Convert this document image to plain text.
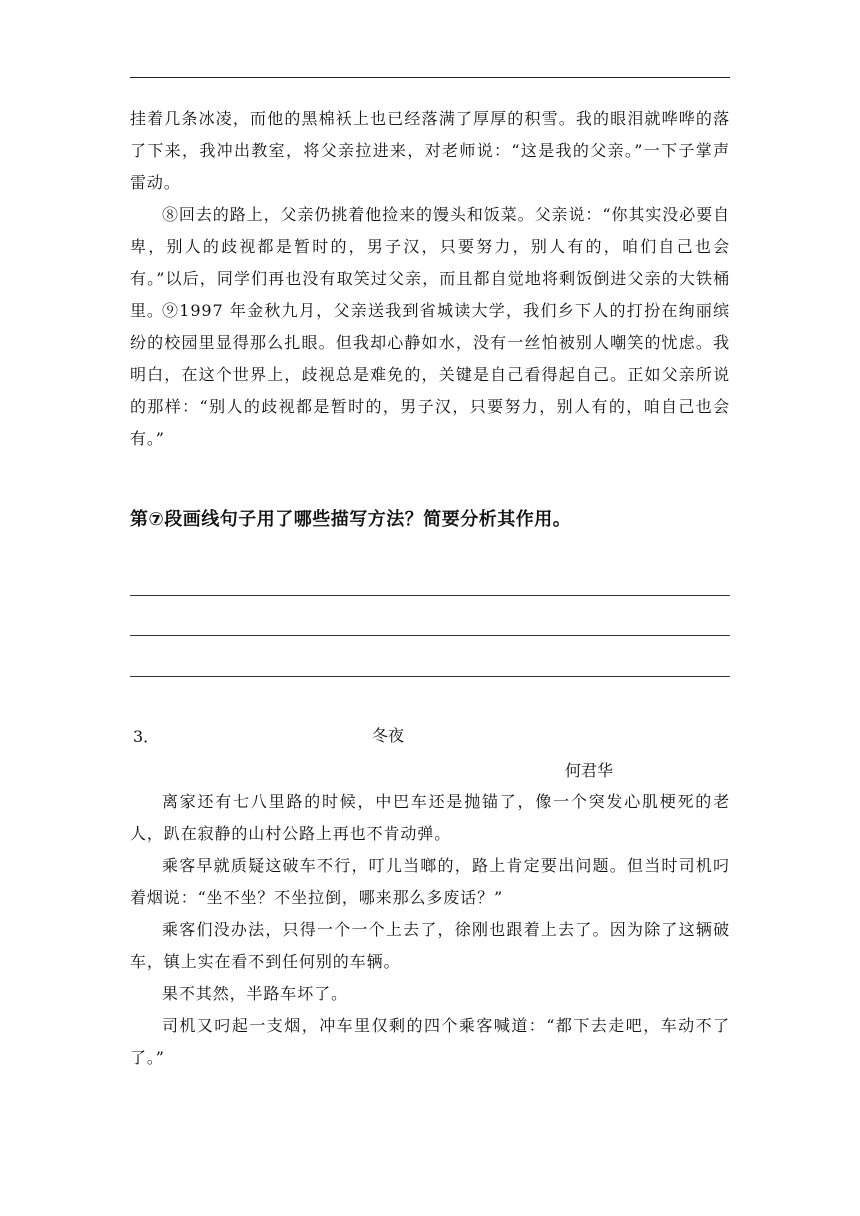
挂着几条冰凌，而他的黑棉袄上也已经落满了厚厚的积雪。我的眼泪就哗哗的落了下来，我冲出教室，将父亲拉进来，对老师说：“这是我的父亲。”一下子掌声雷动。

⑧回去的路上，父亲仍挑着他捡来的馒头和饭菜。父亲说：“你其实没必要自卑，别人的歧视都是暂时的，男子汉，只要努力，别人有的，咱们自己也会有。”以后，同学们再也没有取笑过父亲，而且都自觉地将剩饭倒进父亲的大铁桶里。

⑨1997 年金秋九月，父亲送我到省城读大学，我们乡下人的打扮在绚丽缤纷的校园里显得那么扎眼。但我却心静如水，没有一丝怕被别人嘲笑的忧虑。我明白，在这个世界上，歧视总是难免的，关键是自己看得起自己。正如父亲所说的那样：“别人的歧视都是暂时的，男子汉，只要努力，别人有的，咱自己也会有。”

第⑦段画线句子用了哪些描写方法？简要分析其作用。

3．	冬夜
何君华

离家还有七八里路的时候，中巴车还是抛锚了，像一个突发心肌梗死的老人，趴在寂静的山村公路上再也不肯动弹。

乘客早就质疑这破车不行，叮儿当啷的，路上肯定要出问题。但当时司机叼着烟说：“坐不坐？不坐拉倒，哪来那么多废话？”

乘客们没办法，只得一个一个上去了，徐刚也跟着上去了。因为除了这辆破车，镇上实在看不到任何别的车辆。

果不其然，半路车坏了。

司机又叼起一支烟，冲车里仅剩的四个乘客喊道：“都下去走吧，车动不了了。”
